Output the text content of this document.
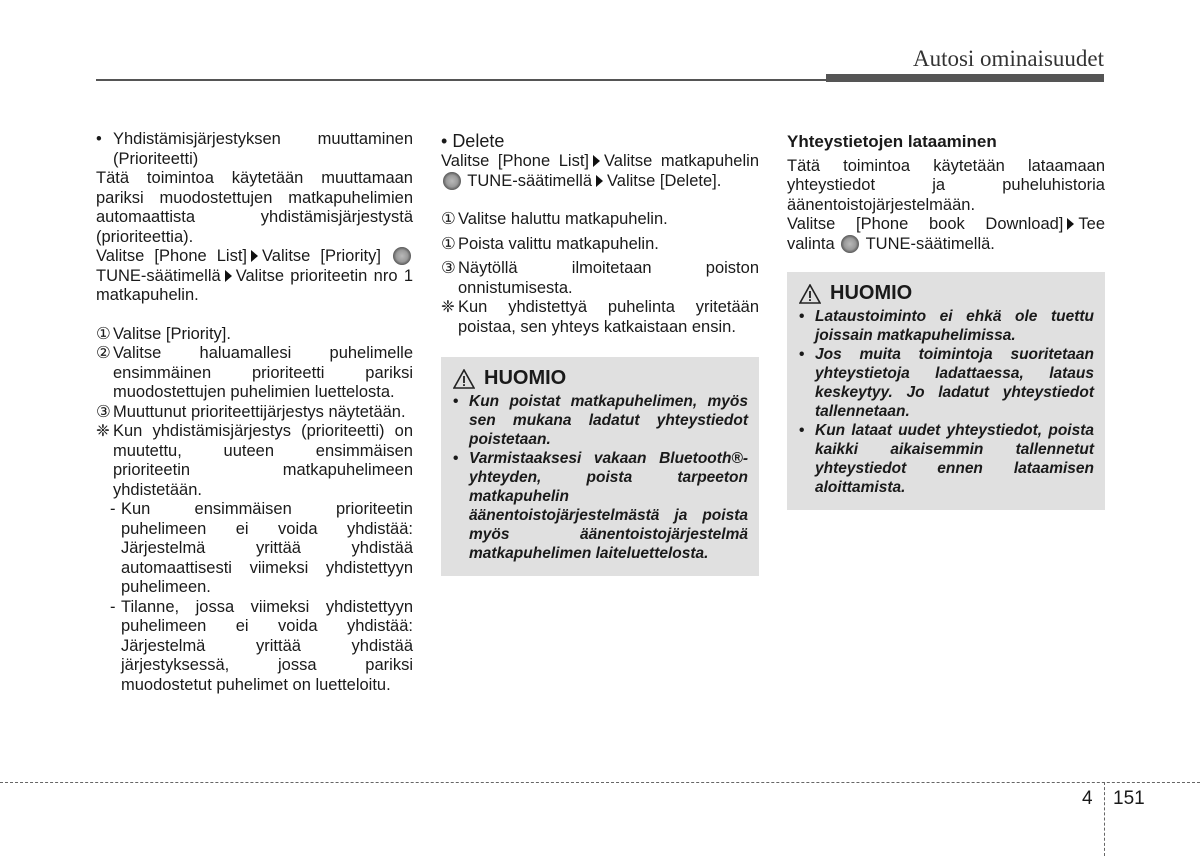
Autosi ominaisuudet
• Yhdistämisjärjestyksen muuttaminen (Prioriteetti)

Tätä toimintoa käytetään muuttamaan pariksi muodostettujen matkapuhelimien automaattista yhdistämisjärjestystä (prioriteettia).

Valitse [Phone List] Valitse [Priority]  TUNE-säätimellä Valitse prioriteetin nro 1 matkapuhelin.

① Valitse [Priority].
② Valitse haluamallesi puhelimelle ensimmäinen prioriteetti pariksi muodostettujen puhelimien luettelosta.
③ Muuttunut prioriteettijärjestys näytetään.
❈ Kun yhdistämisjärjestys (prioriteetti) on muutettu, uuteen ensimmäisen prioriteetin matkapuhelimeen yhdistetään.
- Kun ensimmäisen prioriteetin puhelimeen ei voida yhdistää: Järjestelmä yrittää yhdistää automaattisesti viimeksi yhdistettyyn puhelimeen.
- Tilanne, jossa viimeksi yhdistettyyn puhelimeen ei voida yhdistää: Järjestelmä yrittää yhdistää järjestyksessä, jossa pariksi muodostetut puhelimet on luetteloitu.
• Delete

Valitse [Phone List] Valitse matkapuhelin  TUNE-säätimellä Valitse [Delete].

① Valitse haluttu matkapuhelin.
① Poista valittu matkapuhelin.
③ Näytöllä ilmoitetaan poiston onnistumisesta.
❈ Kun yhdistettyä puhelinta yritetään poistaa, sen yhteys katkaistaan ensin.
HUOMIO
• Kun poistat matkapuhelimen, myös sen mukana ladatut yhteystiedot poistetaan.
• Varmistaaksesi vakaan Bluetooth®-yhteyden, poista tarpeeton matkapuhelin äänentoistojärjestelmästä ja poista myös äänentoistojärjestelmä matkapuhelimen laiteluettelosta.
Yhteystietojen lataaminen

Tätä toimintoa käytetään lataamaan yhteystiedot ja puheluhistoria äänentoistojärjestelmään.

Valitse [Phone book Download] Tee valinta TUNE-säätimellä.

HUOMIO
• Lataustoiminto ei ehkä ole tuettu joissain matkapuhelimissa.
• Jos muita toimintoja suoritetaan yhteystietoja ladattaessa, lataus keskeytyy. Jo ladatut yhteystiedot tallennetaan.
• Kun lataat uudet yhteystiedot, poista kaikki aikaisemmin tallennetut yhteystiedot ennen lataamisen aloittamista.
4 151
